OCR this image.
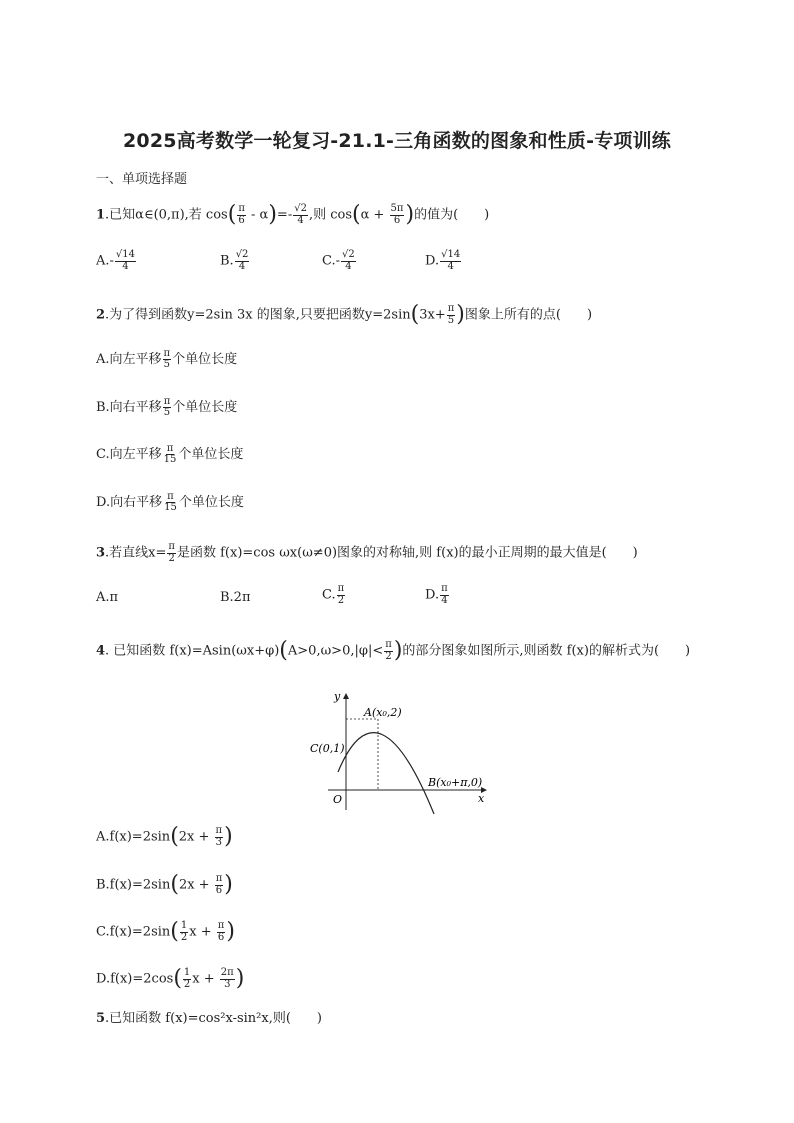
2025高考数学一轮复习-21.1-三角函数的图象和性质-专项训练
一、单项选择题
1.已知α∈(0,π),若 $\cos( \frac{\pi}{6} - \alpha)=- \frac{√2}{4}$ ,则 $\cos(\alpha + \frac{5\pi}{6}$ )的值为(　　)
$A.- \frac{√14}{4}$	B. $\frac{√2}{4}$	$C.- \frac{√2}{4}$	D. $\frac{√14}{4}$
2.为了得到函数y=2sin 3x 的图象,只要把函数$y=2\sin(3x+ \frac{\pi}{5}$ )图象上所有的点(　　)
A.向左平移 $\frac{\pi}{5}$ 个单位长度
B.向右平移 $\frac{\pi}{5}$ 个单位长度
C.向左平移 $\frac{\pi}{15}$ 个单位长度
D.向右平移 $\frac{\pi}{15}$ 个单位长度
3.若直线$x= \frac{\pi}{2}$ 是函数 f(x)=cos ωx(ω≠0)图象的对称轴,则 f(x)的最小正周期的最大值是(　　)
A.π	B.2π	C. $\frac{\pi}{2}$	D. $\frac{\pi}{4}$
4. 已知函数 $f(x)=Asin(\omega x+\varphi)(A>0,\omega>0,|\varphi|< \frac{\pi}{2}$ )的部分图象如图所示,则函数 f(x)的解析式为(　　)
y
x
O
A(x₀,2)
C(0,1)
B(x₀+π,0)
$A.f(x)=2\sin(2x + \frac{\pi}{3}$ )
$B.f(x)=2\sin(2x + \frac{\pi}{6}$ )
$C.f(x)=2\sin( \frac{1}{2}$ $x + \frac{\pi}{6}$ )
$D.f(x)=2\cos( \frac{1}{2}$ $x + \frac{2\pi}{3}$ )
5.已知函数 f(x)=cos²x-sin²x,则(　　)
